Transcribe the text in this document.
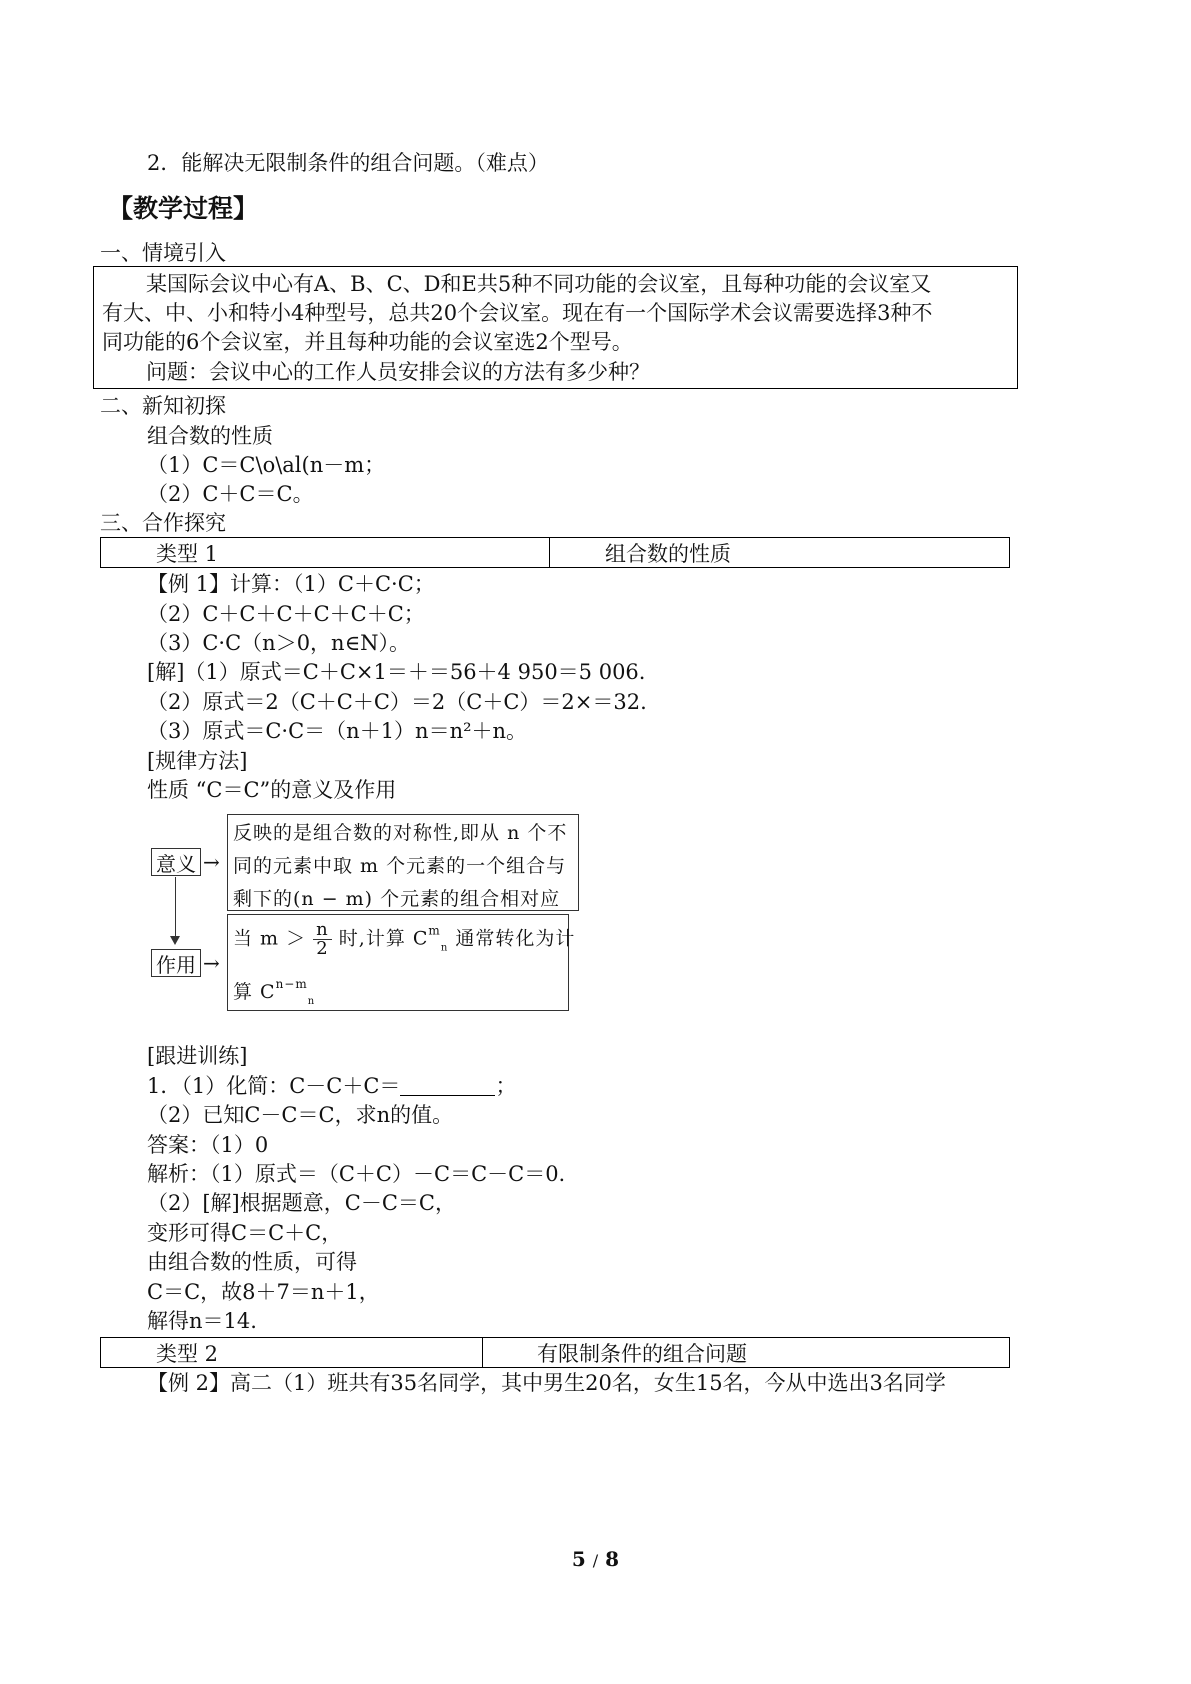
2．能解决无限制条件的组合问题。（难点）
【教学过程】
一、情境引入
某国际会议中心有A、B、C、D和E共5种不同功能的会议室，且每种功能的会议室又
有大、中、小和特小4种型号，总共20个会议室。现在有一个国际学术会议需要选择3种不
同功能的6个会议室，并且每种功能的会议室选2个型号。
问题：会议中心的工作人员安排会议的方法有多少种？
二、新知初探
组合数的性质
（1）C＝C\o\al(n－m；
（2）C＋C＝C。
三、合作探究
类型 1	组合数的性质
【例 1】计算：（1）C＋C·C；
（2）C＋C＋C＋C＋C＋C；
（3）C·C（n＞0，n∈N）。
[解]（1）原式＝C＋C×1＝＋＝56＋4 950＝5 006.
（2）原式＝2（C＋C＋C）＝2（C＋C）＝2×＝32.
（3）原式＝C·C＝（n＋1）n＝n²＋n。
[规律方法]
性质 “C＝C”的意义及作用
意义 →
反映的是组合数的对称性,即从 n 个不
同的元素中取 m 个元素的一个组合与
剩下的(n − m) 个元素的组合相对应
作用 →
当 $m > \frac{n}{2}$ 时,计算 $C^m_n$ 通常转化为计
算 $C^{n-m}_n$
[跟进训练]
1．（1）化简：C－C＋C＝	；
（2）已知C－C＝C，求n的值。
答案：（1）0
解析：（1）原式＝（C＋C）－C＝C－C＝0.
（2）[解]根据题意，C－C＝C，
变形可得C＝C＋C，
由组合数的性质，可得
C＝C，故8＋7＝n＋1，
解得n＝14.
类型 2	有限制条件的组合问题
【例 2】高二（1）班共有35名同学，其中男生20名，女生15名，今从中选出3名同学
5 / 8
